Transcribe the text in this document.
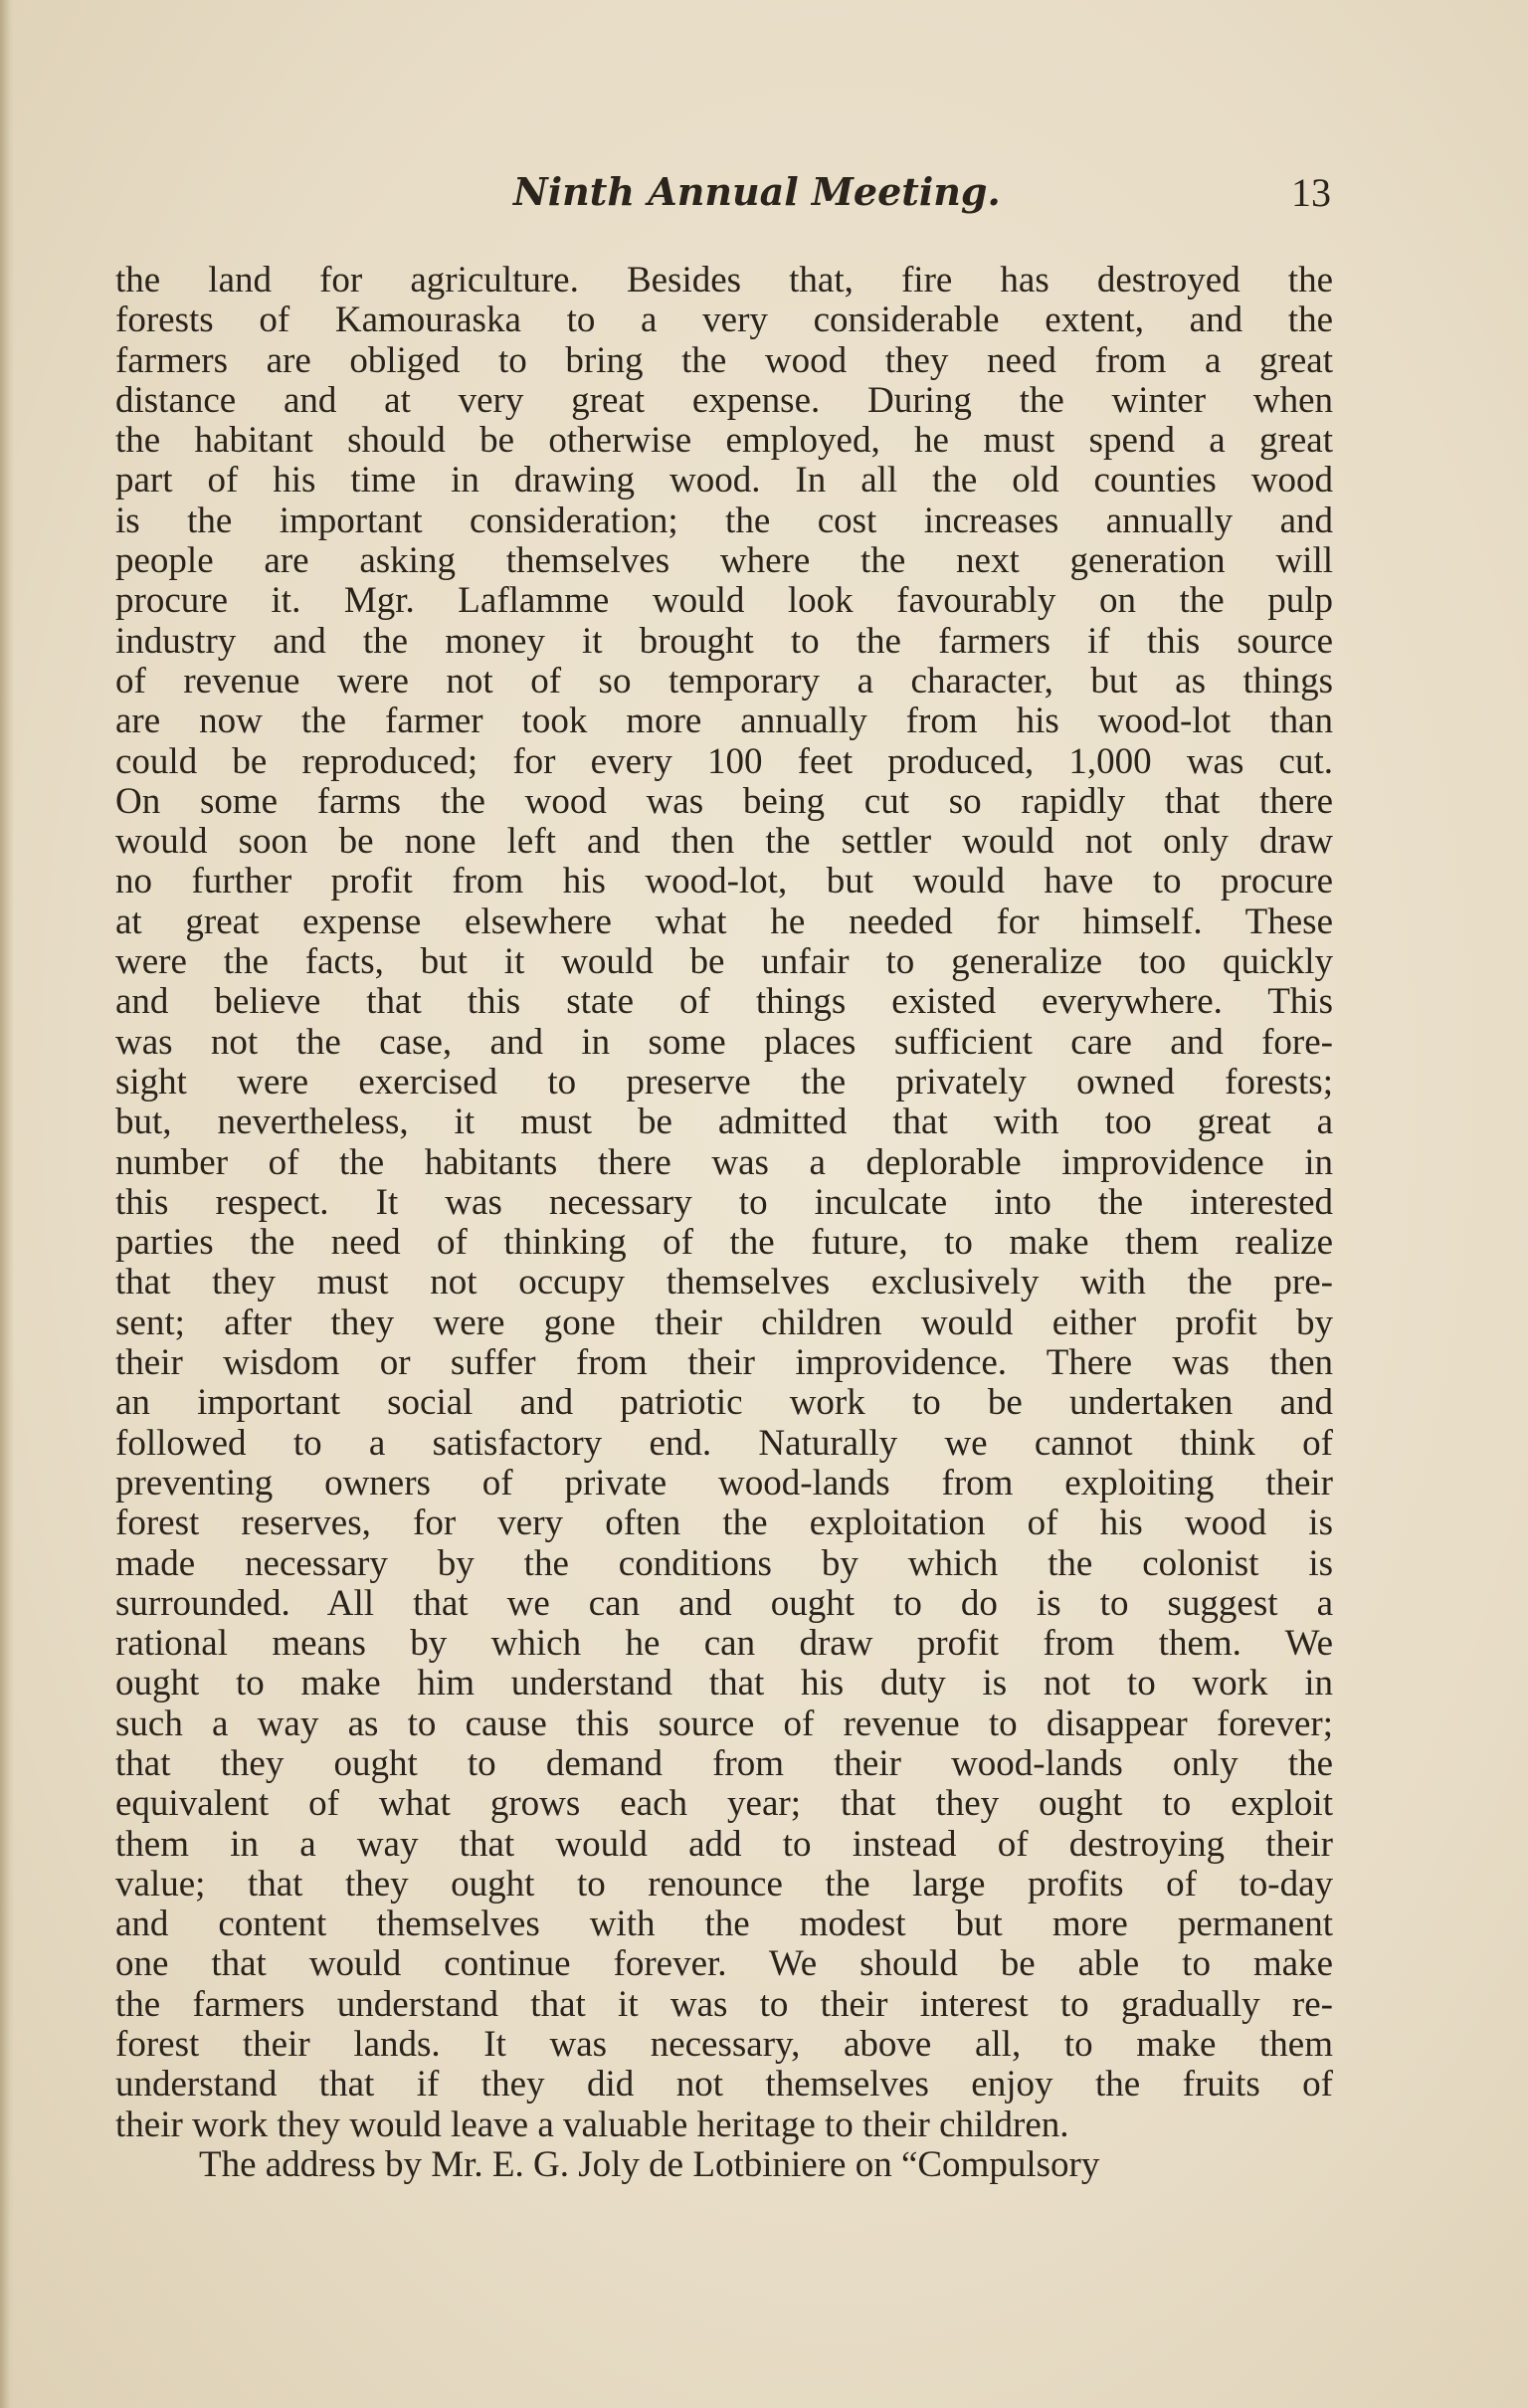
Ninth Annual Meeting.	13
the land for agriculture. Besides that, fire has destroyed the
forests of Kamouraska to a very considerable extent, and the
farmers are obliged to bring the wood they need from a great
distance and at very great expense. During the winter when
the habitant should be otherwise employed, he must spend a great
part of his time in drawing wood. In all the old counties wood
is the important consideration; the cost increases annually and
people are asking themselves where the next generation will
procure it. Mgr. Laflamme would look favourably on the pulp
industry and the money it brought to the farmers if this source
of revenue were not of so temporary a character, but as things
are now the farmer took more annually from his wood-lot than
could be reproduced; for every 100 feet produced, 1,000 was cut.
On some farms the wood was being cut so rapidly that there
would soon be none left and then the settler would not only draw
no further profit from his wood-lot, but would have to procure
at great expense elsewhere what he needed for himself. These
were the facts, but it would be unfair to generalize too quickly
and believe that this state of things existed everywhere. This
was not the case, and in some places sufficient care and fore-
sight were exercised to preserve the privately owned forests;
but, nevertheless, it must be admitted that with too great a
number of the habitants there was a deplorable improvidence in
this respect. It was necessary to inculcate into the interested
parties the need of thinking of the future, to make them realize
that they must not occupy themselves exclusively with the pre-
sent; after they were gone their children would either profit by
their wisdom or suffer from their improvidence. There was then
an important social and patriotic work to be undertaken and
followed to a satisfactory end. Naturally we cannot think of
preventing owners of private wood-lands from exploiting their
forest reserves, for very often the exploitation of his wood is
made necessary by the conditions by which the colonist is
surrounded. All that we can and ought to do is to suggest a
rational means by which he can draw profit from them. We
ought to make him understand that his duty is not to work in
such a way as to cause this source of revenue to disappear forever;
that they ought to demand from their wood-lands only the
equivalent of what grows each year; that they ought to exploit
them in a way that would add to instead of destroying their
value; that they ought to renounce the large profits of to-day
and content themselves with the modest but more permanent
one that would continue forever. We should be able to make
the farmers understand that it was to their interest to gradually re-
forest their lands. It was necessary, above all, to make them
understand that if they did not themselves enjoy the fruits of
their work they would leave a valuable heritage to their children.
The address by Mr. E. G. Joly de Lotbiniere on “Compulsory
